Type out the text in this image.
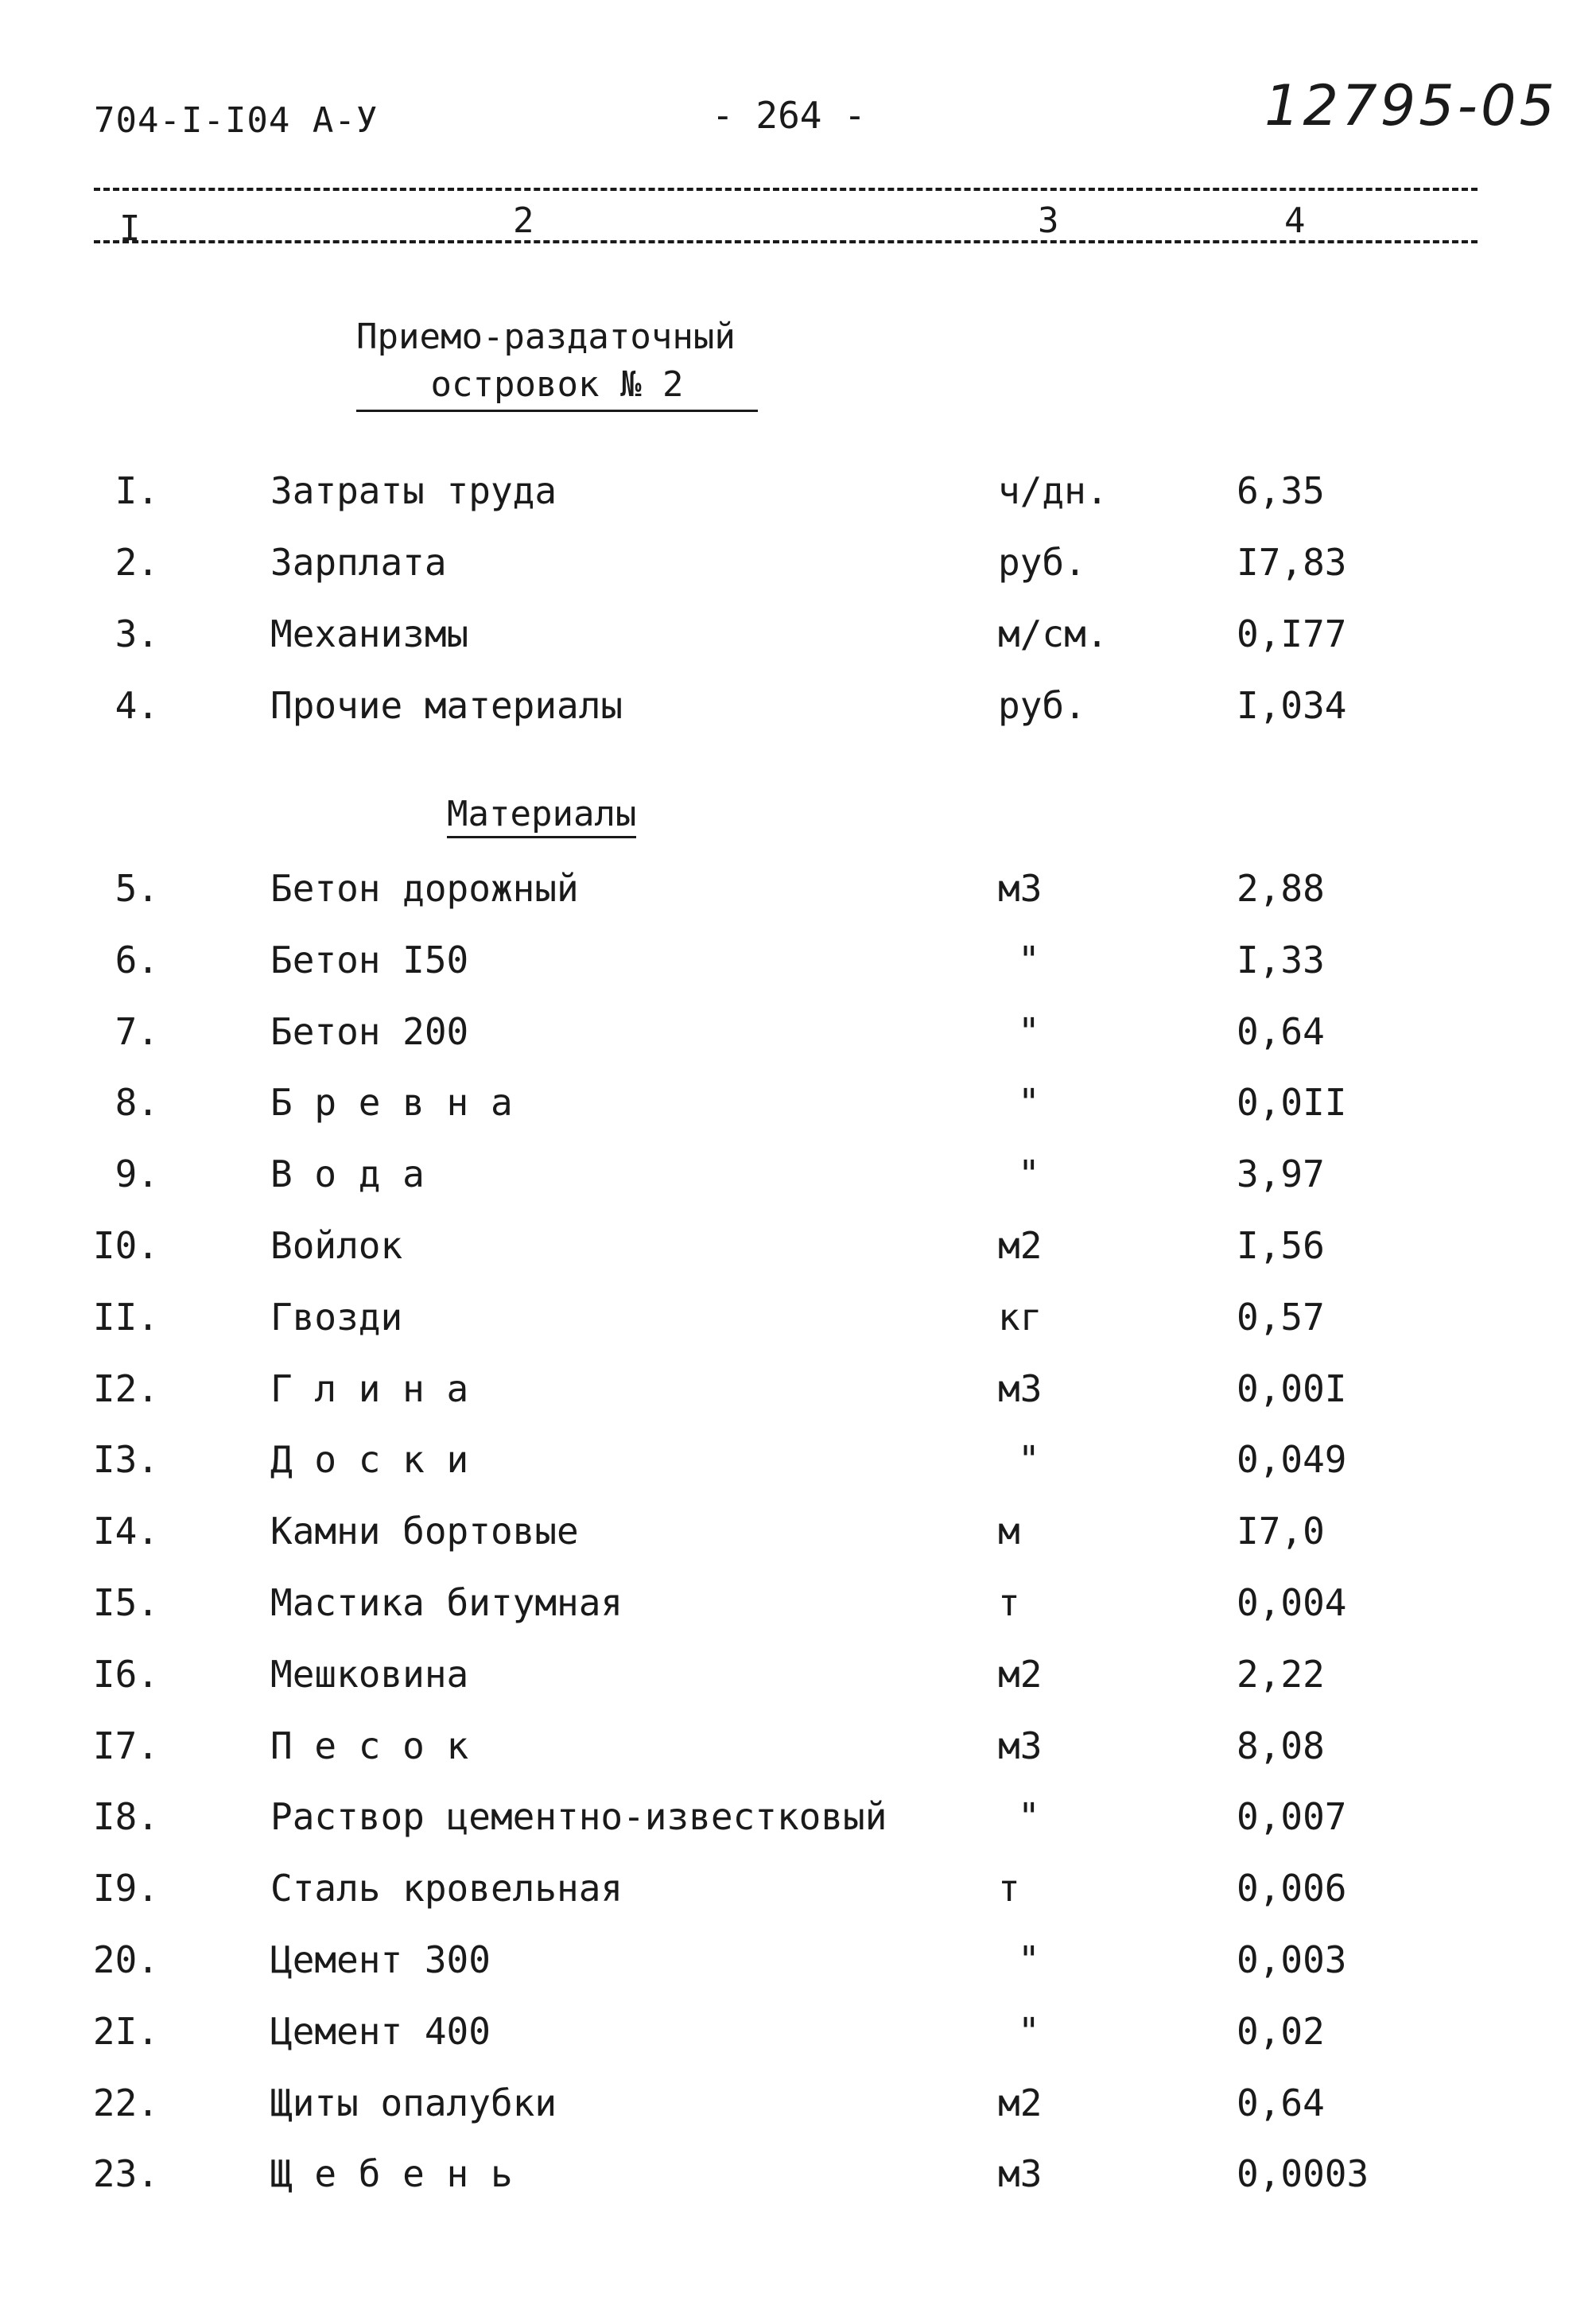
704-I-I04 А-У	- 264 -	12795-05
I	2	3	4
Приемо-раздаточный
островок № 2
I.	Затраты труда	ч/дн.	6,35
2.	Зарплата	руб.	I7,83
3.	Механизмы	м/см.	0,I77
4.	Прочие материалы	руб.	I,034
Материалы
5.	Бетон дорожный	м3	2,88
6.	Бетон I50	"	I,33
7.	Бетон 200	"	0,64
8.	Б р е в н а	"	0,0II
9.	В о д а	"	3,97
I0.	Войлок	м2	I,56
II.	Гвозди	кг	0,57
I2.	Г л и н а	м3	0,00I
I3.	Д о с к и	"	0,049
I4.	Камни бортовые	м	I7,0
I5.	Мастика битумная	т	0,004
I6.	Мешковина	м2	2,22
I7.	П е с о к	м3	8,08
I8.	Раствор цементно-известковый	"	0,007
I9.	Сталь кровельная	т	0,006
20.	Цемент 300	"	0,003
2I.	Цемент 400	"	0,02
22.	Щиты опалубки	м2	0,64
23.	Щ е б е н ь	м3	0,0003
